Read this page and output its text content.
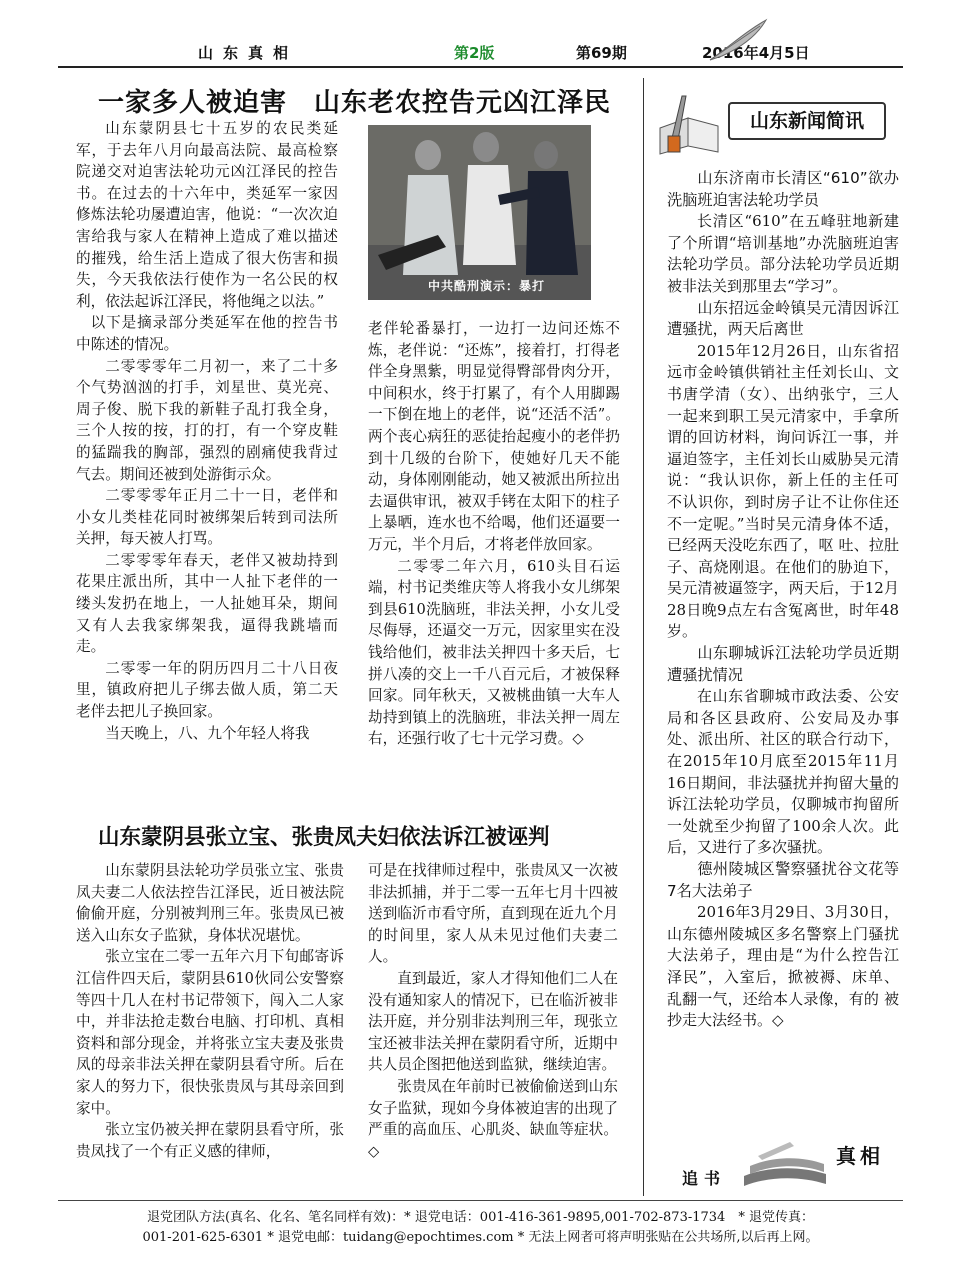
山东真相	第2版	第69期	2016年4月5日
一家多人被迫害　山东老农控告元凶江泽民

山东蒙阴县七十五岁的农民类延军，于去年八月向最高法院、最高检察院递交对迫害法轮功元凶江泽民的控告书。在过去的十六年中，类延军一家因修炼法轮功屡遭迫害，他说：“一次次迫害给我与家人在精神上造成了难以描述的摧残，给生活上造成了很大伤害和损失，今天我依法行使作为一名公民的权利，依法起诉江泽民，将他绳之以法。”

以下是摘录部分类延军在他的控告书中陈述的情况。

二零零零年二月初一，来了二十多个气势汹汹的打手，刘星世、莫光亮、周子俊、脱下我的新鞋子乱打我全身，三个人按的按，打的打，有一个穿皮鞋的猛踹我的胸部，强烈的剧痛使我背过气去。期间还被到处游街示众。

二零零零年正月二十一日，老伴和小女儿类桂花同时被绑架后转到司法所关押，每天被人打骂。

二零零零年春天，老伴又被劫持到花果庄派出所，其中一人扯下老伴的一缕头发扔在地上，一人扯她耳朵，期间又有人去我家绑架我，逼得我跳墙而走。

二零零一年的阴历四月二十八日夜里，镇政府把儿子绑去做人质，第二天老伴去把儿子换回家。

当天晚上，八、九个年轻人将我

中共酷刑演示：暴打

老伴轮番暴打，一边打一边问还炼不炼，老伴说：“还炼”，接着打，打得老伴全身黑紫，明显觉得臀部骨肉分开，中间积水，终于打累了，有个人用脚踢一下倒在地上的老伴，说“还活不活”。两个丧心病狂的恶徒抬起瘦小的老伴扔到十几级的台阶下，使她好几天不能动，身体刚刚能动，她又被派出所拉出去逼供审讯，被双手铐在太阳下的柱子上暴晒，连水也不给喝，他们还逼要一万元，半个月后，才将老伴放回家。

二零零二年六月，610头目石运端，村书记类维庆等人将我小女儿绑架到县610洗脑班，非法关押，小女儿受尽侮辱，还逼交一万元，因家里实在没钱给他们，被非法关押四十多天后，七拼八凑的交上一千八百元后，才被保释回家。同年秋天，又被桃曲镇一大车人劫持到镇上的洗脑班，非法关押一周左右，还强行收了七十元学习费。◇

山东蒙阴县张立宝、张贵凤夫妇依法诉江被诬判

山东蒙阴县法轮功学员张立宝、张贵凤夫妻二人依法控告江泽民，近日被法院偷偷开庭，分别被判刑三年。张贵凤已被送入山东女子监狱，身体状况堪忧。

张立宝在二零一五年六月下旬邮寄诉江信件四天后，蒙阴县610伙同公安警察等四十几人在村书记带领下，闯入二人家中，并非法抢走数台电脑、打印机、真相资料和部分现金，并将张立宝夫妻及张贵凤的母亲非法关押在蒙阴县看守所。后在家人的努力下，很快张贵凤与其母亲回到家中。

张立宝仍被关押在蒙阴县看守所，张贵凤找了一个有正义感的律师，

可是在找律师过程中，张贵凤又一次被非法抓捕，并于二零一五年七月十四被送到临沂市看守所，直到现在近九个月的时间里，家人从未见过他们夫妻二人。

直到最近，家人才得知他们二人在没有通知家人的情况下，已在临沂被非法开庭，并分别非法判刑三年，现张立宝还被非法关押在蒙阴看守所，近期中共人员企图把他送到监狱，继续迫害。

张贵凤在年前时已被偷偷送到山东女子监狱，现如今身体被迫害的出现了严重的高血压、心肌炎、缺血等症状。◇

山东新闻简讯

山东济南市长清区“610”欲办洗脑班迫害法轮功学员

长清区“610”在五峰驻地新建了个所谓“培训基地”办洗脑班迫害法轮功学员。部分法轮功学员近期被非法关到那里去“学习”。

山东招远金岭镇吴元清因诉江遭骚扰，两天后离世

2015年12月26日，山东省招远市金岭镇供销社主任刘长山、文书唐学清（女）、出纳张宁，三人一起来到职工吴元清家中，手拿所谓的回访材料，询问诉江一事，并 逼迫签字，主任刘长山威胁吴元清说：“我认识你，新上任的主任可不认识你，到时房子让不让你住还不一定呢。”当时吴元清身体不适，已经两天没吃东西了，呕 吐、拉肚子、高烧刚退。在他们的胁迫下，吴元清被逼签字，两天后，于12月28日晚9点左右含冤离世，时年48岁。

山东聊城诉江法轮功学员近期遭骚扰情况

在山东省聊城市政法委、公安局和各区县政府、公安局及办事处、派出所、社区的联合行动下，在2015年10月底至2015年11月16日期间，非法骚扰并拘留大量的诉江法轮功学员，仅聊城市拘留所一处就至少拘留了100余人次。此后，又进行了多次骚扰。

德州陵城区警察骚扰谷文花等7名大法弟子

2016年3月29日、3月30日，山东德州陵城区多名警察上门骚扰大法弟子，理由是“为什么控告江泽民”，入室后，掀被褥、床单、乱翻一气，还给本人录像，有的 被抄走大法经书。◇

真相
追书
退党团队方法(真名、化名、笔名同样有效)：* 退党电话：001-416-361-9895,001-702-873-1734　* 退党传真：
001-201-625-6301 * 退党电邮：tuidang@epochtimes.com * 无法上网者可将声明张贴在公共场所,以后再上网。
